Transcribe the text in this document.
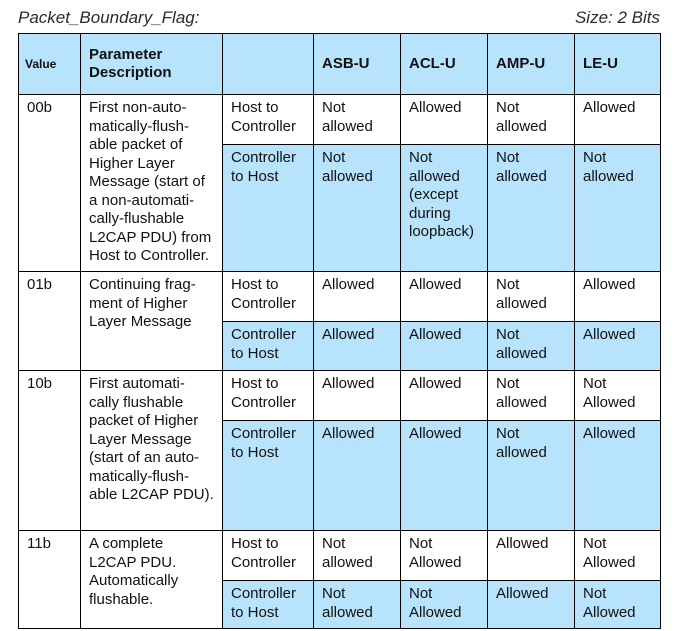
Packet_Boundary_Flag:	Size: 2 Bits
Value	Parameter Description		ASB-U	ACL-U	AMP-U	LE-U
00b	First non-auto-matically-flush-able packet of Higher Layer Message (start of a non-automati-cally-flushable L2CAP PDU) from Host to Controller.	Host to Controller	Not allowed	Allowed	Not allowed	Allowed
		Controller to Host	Not allowed	Not allowed (except during loopback)	Not allowed	Not allowed
01b	Continuing frag-ment of Higher Layer Message	Host to Controller	Allowed	Allowed	Not allowed	Allowed
		Controller to Host	Allowed	Allowed	Not allowed	Allowed
10b	First automati-cally flushable packet of Higher Layer Message (start of an auto-matically-flush-able L2CAP PDU).	Host to Controller	Allowed	Allowed	Not allowed	Not Allowed
		Controller to Host	Allowed	Allowed	Not allowed	Allowed
11b	A complete L2CAP PDU. Automatically flushable.	Host to Controller	Not allowed	Not Allowed	Allowed	Not Allowed
		Controller to Host	Not allowed	Not Allowed	Allowed	Not Allowed
